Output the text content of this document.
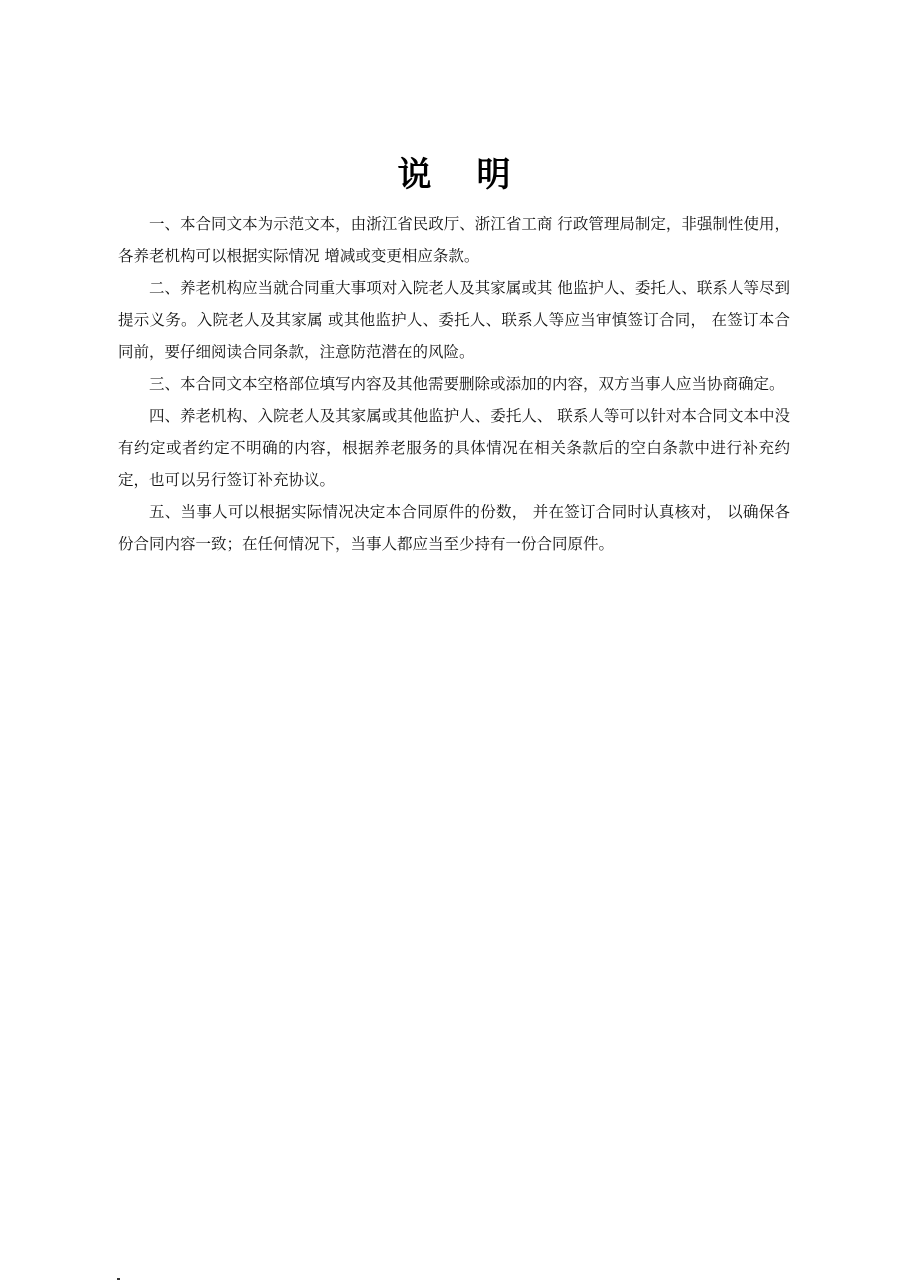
说 明

一、本合同文本为示范文本，由浙江省民政厅、浙江省工商 行政管理局制定，非强制性使用，各养老机构可以根据实际情况 增减或变更相应条款。

二、养老机构应当就合同重大事项对入院老人及其家属或其 他监护人、委托人、联系人等尽到提示义务。入院老人及其家属 或其他监护人、委托人、联系人等应当审慎签订合同， 在签订本合同前，要仔细阅读合同条款，注意防范潜在的风险。

三、本合同文本空格部位填写内容及其他需要删除或添加的内容，双方当事人应当协商确定。

四、养老机构、入院老人及其家属或其他监护人、委托人、 联系人等可以针对本合同文本中没有约定或者约定不明确的内容，根据养老服务的具体情况在相关条款后的空白条款中进行补充约定，也可以另行签订补充协议。

五、当事人可以根据实际情况决定本合同原件的份数， 并在签订合同时认真核对， 以确保各份合同内容一致；在任何情况下，当事人都应当至少持有一份合同原件。
